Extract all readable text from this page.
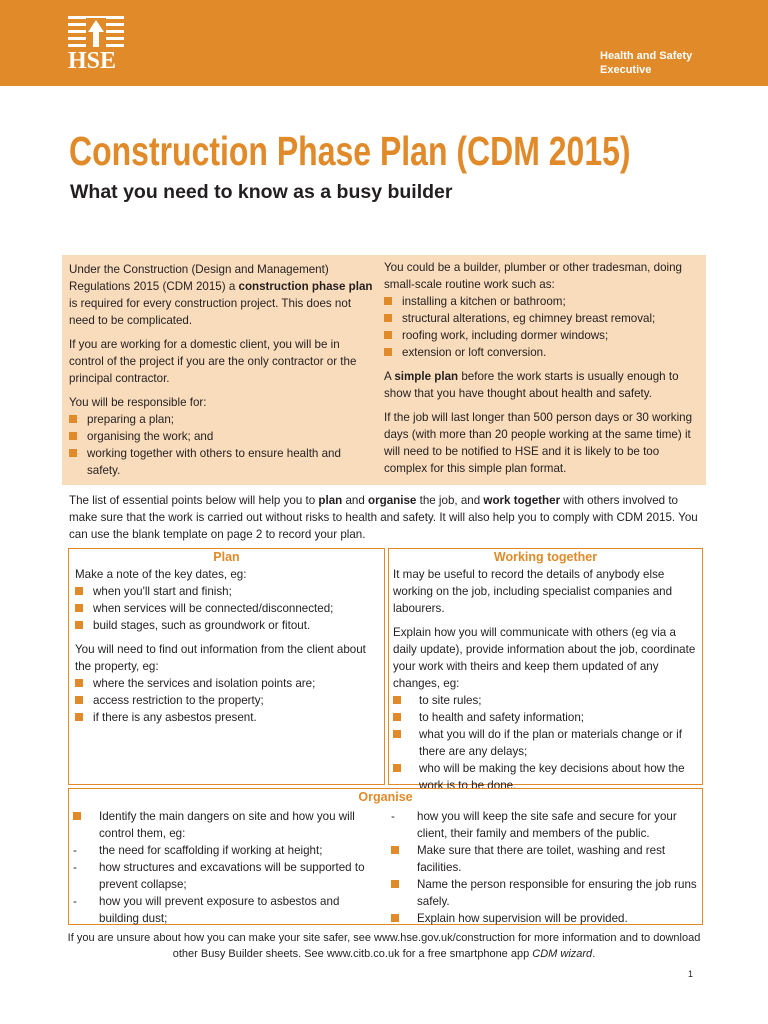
HSE	Health and Safety
Executive
Construction Phase Plan (CDM 2015)
What you need to know as a busy builder

Under the Construction (Design and Management) Regulations 2015 (CDM 2015) a construction phase plan is required for every construction project. This does not need to be complicated.

If you are working for a domestic client, you will be in control of the project if you are the only contractor or the principal contractor.

You will be responsible for:

preparing a plan;
organising the work; and
working together with others to ensure health and safety.

You could be a builder, plumber or other tradesman, doing small-scale routine work such as:

installing a kitchen or bathroom;
structural alterations, eg chimney breast removal;
roofing work, including dormer windows;
extension or loft conversion.

A simple plan before the work starts is usually enough to show that you have thought about health and safety.

If the job will last longer than 500 person days or 30 working days (with more than 20 people working at the same time) it will need to be notified to HSE and it is likely to be too complex for this simple plan format.

The list of essential points below will help you to plan and organise the job, and work together with others involved to make sure that the work is carried out without risks to health and safety. It will also help you to comply with CDM 2015. You can use the blank template on page 2 to record your plan.
Plan
Make a note of the key dates, eg:
when you'll start and finish;
when services will be connected/disconnected;
build stages, such as groundwork or fitout.
You will need to find out information from the client about the property, eg:
where the services and isolation points are;
access restriction to the property;
if there is any asbestos present.
Working together

It may be useful to record the details of anybody else working on the job, including specialist companies and labourers.

Explain how you will communicate with others (eg via a daily update), provide information about the job, coordinate your work with theirs and keep them updated of any changes, eg:
to site rules;
to health and safety information;
what you will do if the plan or materials change or if there are any delays;
who will be making the key decisions about how the work is to be done.
Organise
Identify the main dangers on site and how you will control them, eg:
- the need for scaffolding if working at height;
- how structures and excavations will be supported to prevent collapse;
- how you will prevent exposure to asbestos and building dust;
- how you will keep the site safe and secure for your client, their family and members of the public.
Make sure that there are toilet, washing and rest facilities.
Name the person responsible for ensuring the job runs safely.
Explain how supervision will be provided.
If you are unsure about how you can make your site safer, see www.hse.gov.uk/construction for more information and to download other Busy Builder sheets. See www.citb.co.uk for a free smartphone app CDM wizard.
1
